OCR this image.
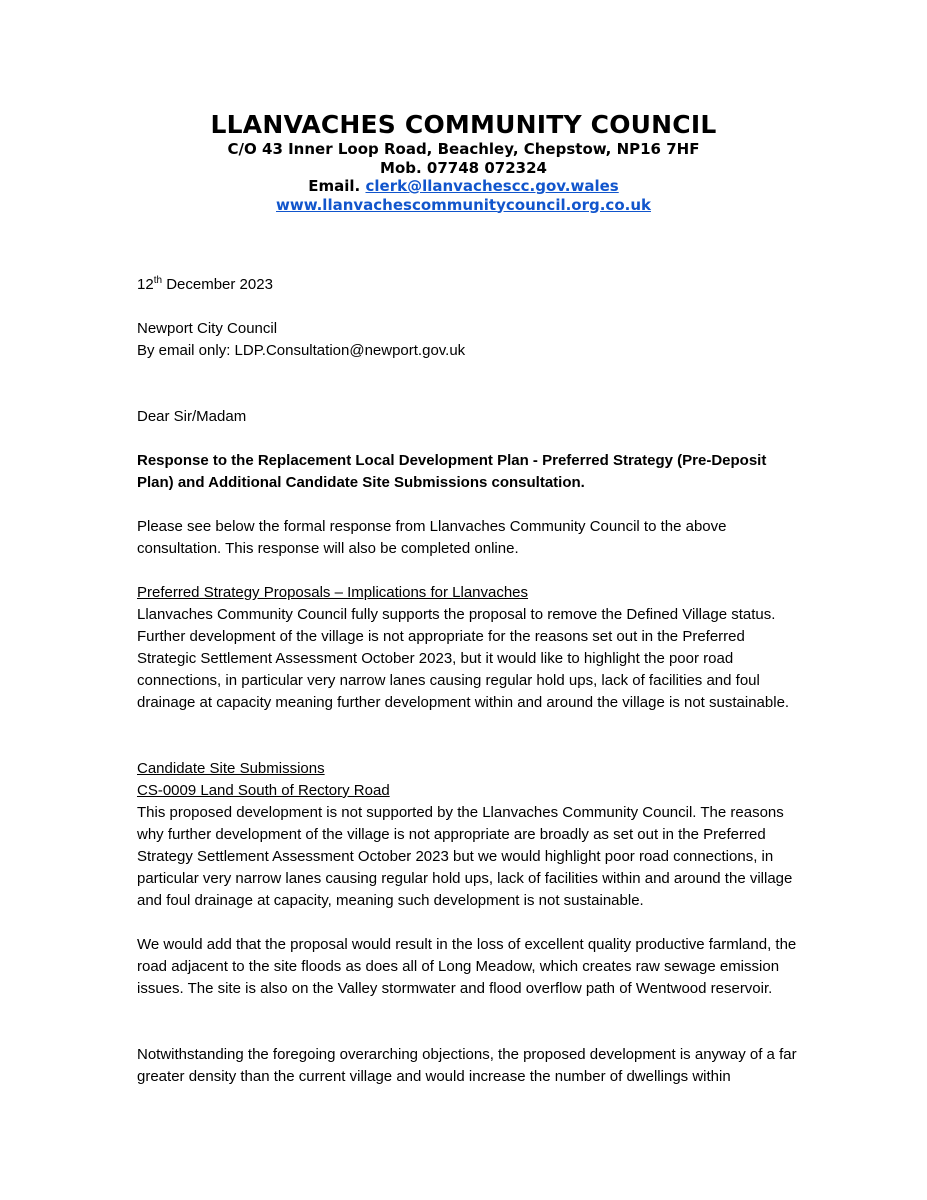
LLANVACHES COMMUNITY COUNCIL
C/O 43 Inner Loop Road, Beachley, Chepstow, NP16 7HF
Mob. 07748 072324
Email. clerk@llanvachescc.gov.wales
www.llanvachescommunitycouncil.org.co.uk
12th December 2023

Newport City Council

By email only: LDP.Consultation@newport.gov.uk

Dear Sir/Madam
Response to the Replacement Local Development Plan - Preferred Strategy (Pre-Deposit Plan) and Additional Candidate Site Submissions consultation.
Please see below the formal response from Llanvaches Community Council to the above consultation. This response will also be completed online.

Preferred Strategy Proposals – Implications for Llanvaches

Llanvaches Community Council fully supports the proposal to remove the Defined Village status. Further development of the village is not appropriate for the reasons set out in the Preferred Strategic Settlement Assessment October 2023, but it would like to highlight the poor road connections, in particular very narrow lanes causing regular hold ups, lack of facilities and foul drainage at capacity meaning further development within and around the village is not sustainable.

Candidate Site Submissions

CS-0009 Land South of Rectory Road

This proposed development is not supported by the Llanvaches Community Council. The reasons why further development of the village is not appropriate are broadly as set out in the Preferred Strategy Settlement Assessment October 2023 but we would highlight poor road connections, in particular very narrow lanes causing regular hold ups, lack of facilities within and around the village and foul drainage at capacity, meaning such development is not sustainable.

We would add that the proposal would result in the loss of excellent quality productive farmland, the road adjacent to the site floods as does all of Long Meadow, which creates raw sewage emission issues. The site is also on the Valley stormwater and flood overflow path of Wentwood reservoir.
Notwithstanding the foregoing overarching objections, the proposed development is anyway of a far greater density than the current village and would increase the number of dwellings within
